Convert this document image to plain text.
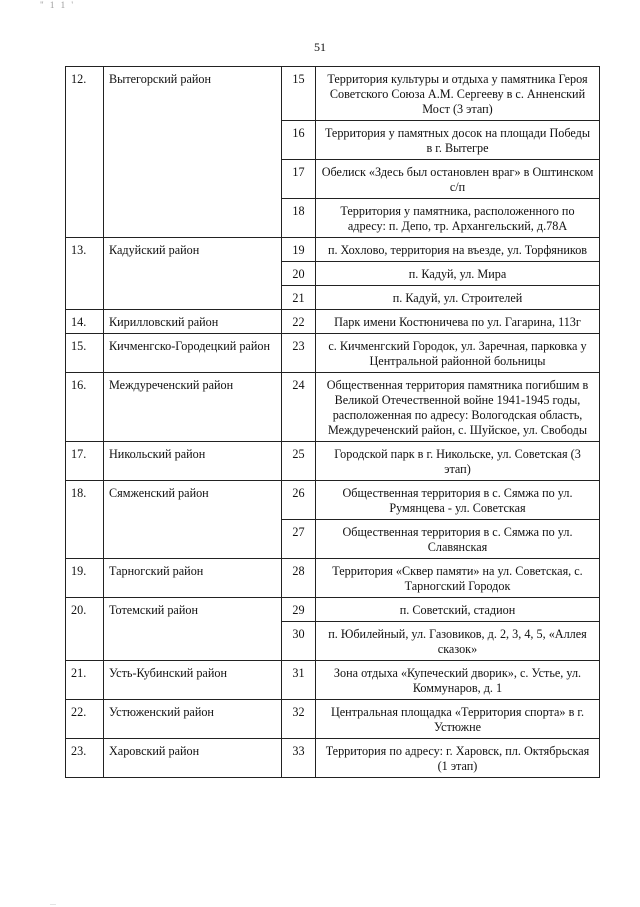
" 1 1 '
51
12.	Вытегорский район	15	Территория культуры и отдыха у памятника Героя Советского Союза А.М. Сергееву в с. Анненский Мост (3 этап)
		16	Территория у памятных досок на площади Победы в г. Вытегре
		17	Обелиск «Здесь был остановлен враг» в Оштинском с/п
		18	Территория у памятника, расположенного по адресу: п. Депо, тр. Архангельский, д.78А
13.	Кадуйский район	19	п. Хохлово, территория на въезде, ул. Торфяников
		20	п. Кадуй, ул. Мира
		21	п. Кадуй, ул. Строителей
14.	Кирилловский район	22	Парк имени Костюничева по ул. Гагарина, 113г
15.	Кичменгско-Городецкий район	23	с. Кичменгский Городок, ул. Заречная, парковка у Центральной районной больницы
16.	Междуреченский район	24	Общественная территория памятника погибшим в Великой Отечественной войне 1941-1945 годы, расположенная по адресу: Вологодская область, Междуреченский район, с. Шуйское, ул. Свободы
17.	Никольский район	25	Городской парк в г. Никольске, ул. Советская (3 этап)
18.	Сямженский район	26	Общественная территория в с. Сямжа по ул. Румянцева - ул. Советская
		27	Общественная территория в с. Сямжа по ул. Славянская
19.	Тарногский район	28	Территория «Сквер памяти» на ул. Советская, с. Тарногский Городок
20.	Тотемский район	29	п. Советский, стадион
		30	п. Юбилейный, ул. Газовиков, д. 2, 3, 4, 5, «Аллея сказок»
21.	Усть-Кубинский район	31	Зона отдыха «Купеческий дворик», с. Устье, ул. Коммунаров, д. 1
22.	Устюженский район	32	Центральная площадка «Территория спорта» в г. Устюжне
23.	Харовский район	33	Территория по адресу: г. Харовск, пл. Октябрьская (1 этап)
...
